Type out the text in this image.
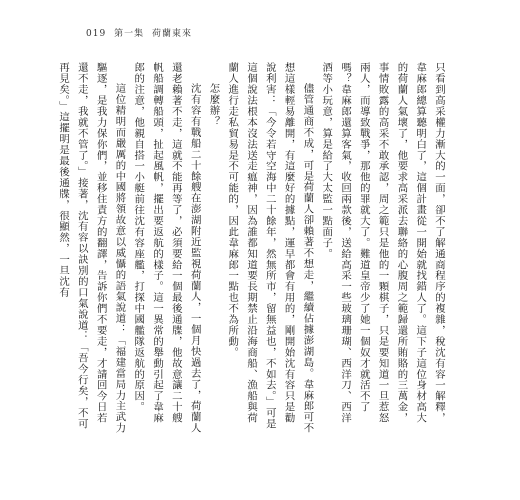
019 第一集 荷蘭東來

只看到高采權力漸大的一面，卻不了解通商程序的複雜，稅沈有容一解釋，韋麻郎總算聽明白了，這個計畫從一開始就找錯人了。這下子這位身材高大的荷蘭人氣壞了，他要求高采派去聯絡的心腹周之範歸還所賄賂的三萬金，事情敗露的高采不敢承認，周之範只是他的一顆棋子，只是要知道一旦惹怒兩人，而導致戰爭，那他的罪就大了。難道皇帝少了她一個奴才就活不了嗎？韋麻郎還算客氣，收回兩款後，送給高采一些玻璃珊瑚、西洋刀、西洋酒等小玩意，算是給了大太監一點面子。

儘管通商不成，可是荷蘭人卻賴著不想走，繼續佔據澎湖島。韋麻郎可不想這樣輕易離開，有這麼好的據點，運早都會有用的，剛開始沈有容只是勸說利害：「今令若守空海中二十餘年，然無所市，留無益也，不如去。」可是這個說法根本沒法送走瘟神，因為誰都知道要長期禁止沿海商船、漁船與荷蘭人進行走私貿易是不可能的，因此韋麻郎一點也不為所動。

怎麼辦？

沈有容有戰船二十餘艘在澎湖附近監視荷蘭人，一個月快過去了，荷蘭人還老賴著不走，這就不能再等了，必須要給一個最後通牒，他故意讓二十艘帆船調轉船頭，扯起風帆，擺出要返航的樣子。這一異常的舉動引起了韋麻郎的注意，他親自搭一小艇前往沈有容座艦，打探中國艦隊返航的原因。

這位精明而嚴厲的中國將領故意以威懾的語氣說道：「福建當局力主武力驅逐，是我力保你們，並移住責方的翻譯，告訴你們不要走，才請回今日若還不走，我就不管了。」接著，沈有容以訣別的口氣說道：「吾今行矣，不可再見矣。」這擺明是最後通牒，很顯然，一旦沈有
